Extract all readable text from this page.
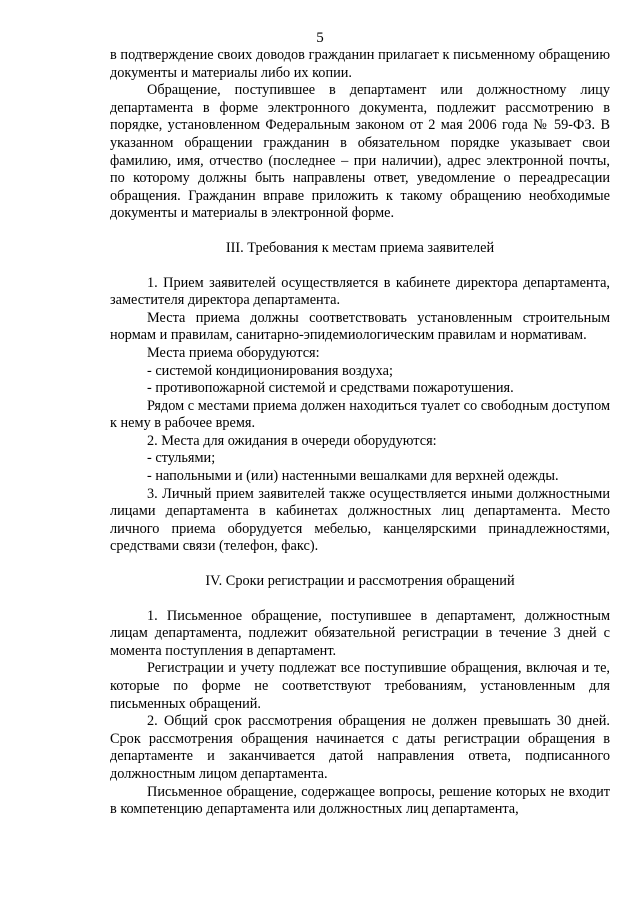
5

в подтверждение своих доводов гражданин прилагает к письменному обращению документы и материалы либо их копии.

Обращение, поступившее в департамент или должностному лицу департамента в форме электронного документа, подлежит рассмотрению в порядке, установленном Федеральным законом от 2 мая 2006 года № 59-ФЗ. В указанном обращении гражданин в обязательном порядке указывает свои фамилию, имя, отчество (последнее – при наличии), адрес электронной почты, по которому должны быть направлены ответ, уведомление о переадресации обращения. Гражданин вправе приложить к такому обращению необходимые документы и материалы в электронной форме.

III. Требования к местам приема заявителей

1. Прием заявителей осуществляется в кабинете директора департамента, заместителя директора департамента.

Места приема должны соответствовать установленным строительным нормам и правилам, санитарно-эпидемиологическим правилам и нормативам.

Места приема оборудуются:

- системой кондиционирования воздуха;

- противопожарной системой и средствами пожаротушения.

Рядом с местами приема должен находиться туалет со свободным доступом к нему в рабочее время.

2. Места для ожидания в очереди оборудуются:

- стульями;

- напольными и (или) настенными вешалками для верхней одежды.

3. Личный прием заявителей также осуществляется иными должностными лицами департамента в кабинетах должностных лиц департамента. Место личного приема оборудуется мебелью, канцелярскими принадлежностями, средствами связи (телефон, факс).

IV. Сроки регистрации и рассмотрения обращений

1. Письменное обращение, поступившее в департамент, должностным лицам департамента, подлежит обязательной регистрации в течение 3 дней с момента поступления в департамент.

Регистрации и учету подлежат все поступившие обращения, включая и те, которые по форме не соответствуют требованиям, установленным для письменных обращений.

2. Общий срок рассмотрения обращения не должен превышать 30 дней. Срок рассмотрения обращения начинается с даты регистрации обращения в департаменте и заканчивается датой направления ответа, подписанного должностным лицом департамента.

Письменное обращение, содержащее вопросы, решение которых не входит в компетенцию департамента или должностных лиц департамента,
